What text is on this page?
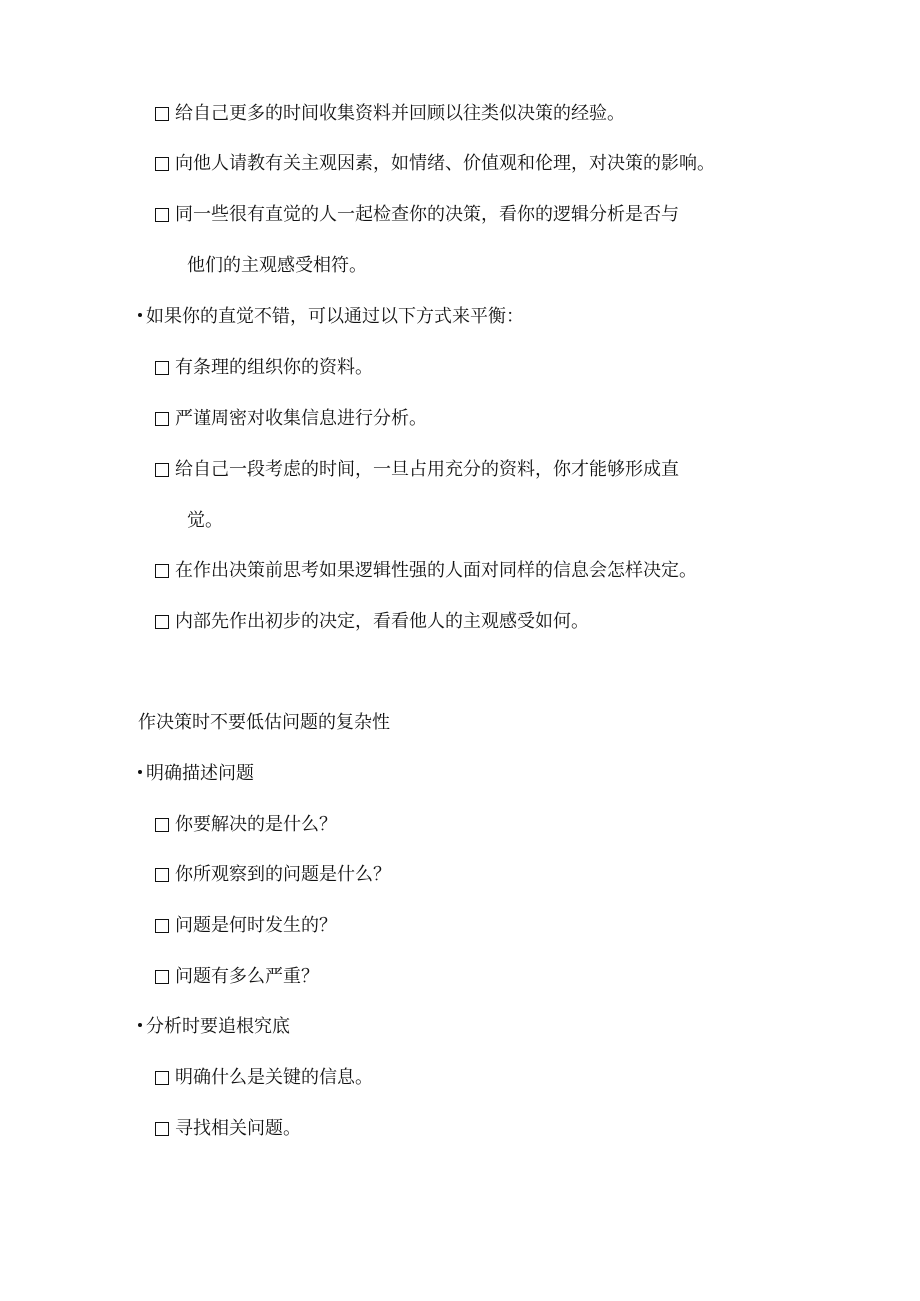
给自己更多的时间收集资料并回顾以往类似决策的经验。
向他人请教有关主观因素，如情绪、价值观和伦理，对决策的影响。
同一些很有直觉的人一起检查你的决策，看你的逻辑分析是否与
他们的主观感受相符。
如果你的直觉不错，可以通过以下方式来平衡：
有条理的组织你的资料。
严谨周密对收集信息进行分析。
给自己一段考虑的时间，一旦占用充分的资料，你才能够形成直
觉。
在作出决策前思考如果逻辑性强的人面对同样的信息会怎样决定。
内部先作出初步的决定，看看他人的主观感受如何。
作决策时不要低估问题的复杂性
明确描述问题
你要解决的是什么？
你所观察到的问题是什么？
问题是何时发生的？
问题有多么严重？
分析时要追根究底
明确什么是关键的信息。
寻找相关问题。
